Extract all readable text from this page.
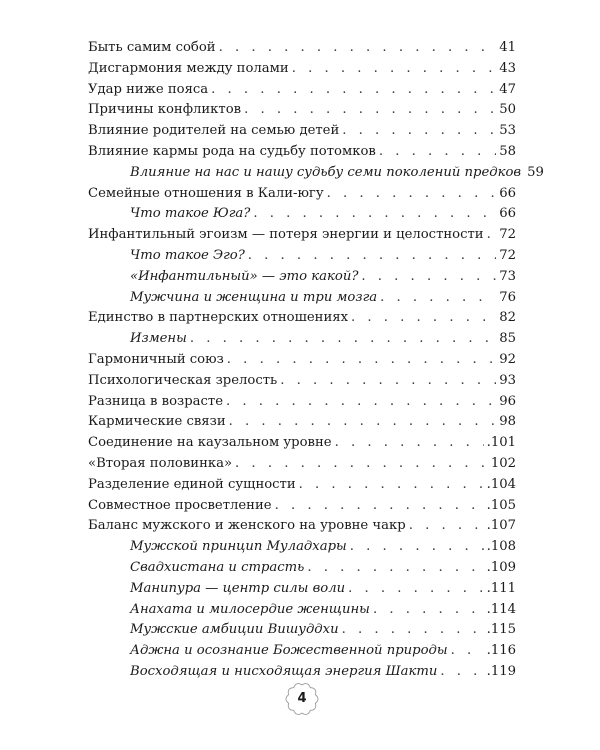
Быть самим собой . . .	41
Дисгармония между полами . . .	43
Удар ниже пояса . . .	47
Причины конфликтов . . .	50
Влияние родителей на семью детей . . .	53
Влияние кармы рода на судьбу потомков . . .	58
Влияние на нас и нашу судьбу семи поколений предков 59
Семейные отношения в Кали-югу . . .	66
Что такое Юга? . . .	66
Инфантильный эгоизм — потеря энергии и целостности . . . 72
Что такое Эго? . . .	72
«Инфантильный» — это какой? . . .	73
Мужчина и женщина и три мозга . . .	76
Единство в партнерских отношениях . . .	82
Измены . . .	85
Гармоничный союз . . .	92
Психологическая зрелость . . .	93
Разница в возрасте . . .	96
Кармические связи . . .	98
Соединение на каузальном уровне . . .	.101
«Вторая половинка» . . .	102
Разделение единой сущности . . .	.104
Совместное просветление . . .	.105
Баланс мужского и женского на уровне чакр . . .	.107
Мужской принцип Муладхары . . .	.108
Свадхистана и страсть . . .	.109
Манипура — центр силы воли . . .	.111
Анахата и милосердие женщины . . .	.114
Мужские амбиции Вишуддхи . . .	.115
Аджна и осознание Божественной природы . . .	.116
Восходящая и нисходящая энергия Шакти . . .	.119
4
